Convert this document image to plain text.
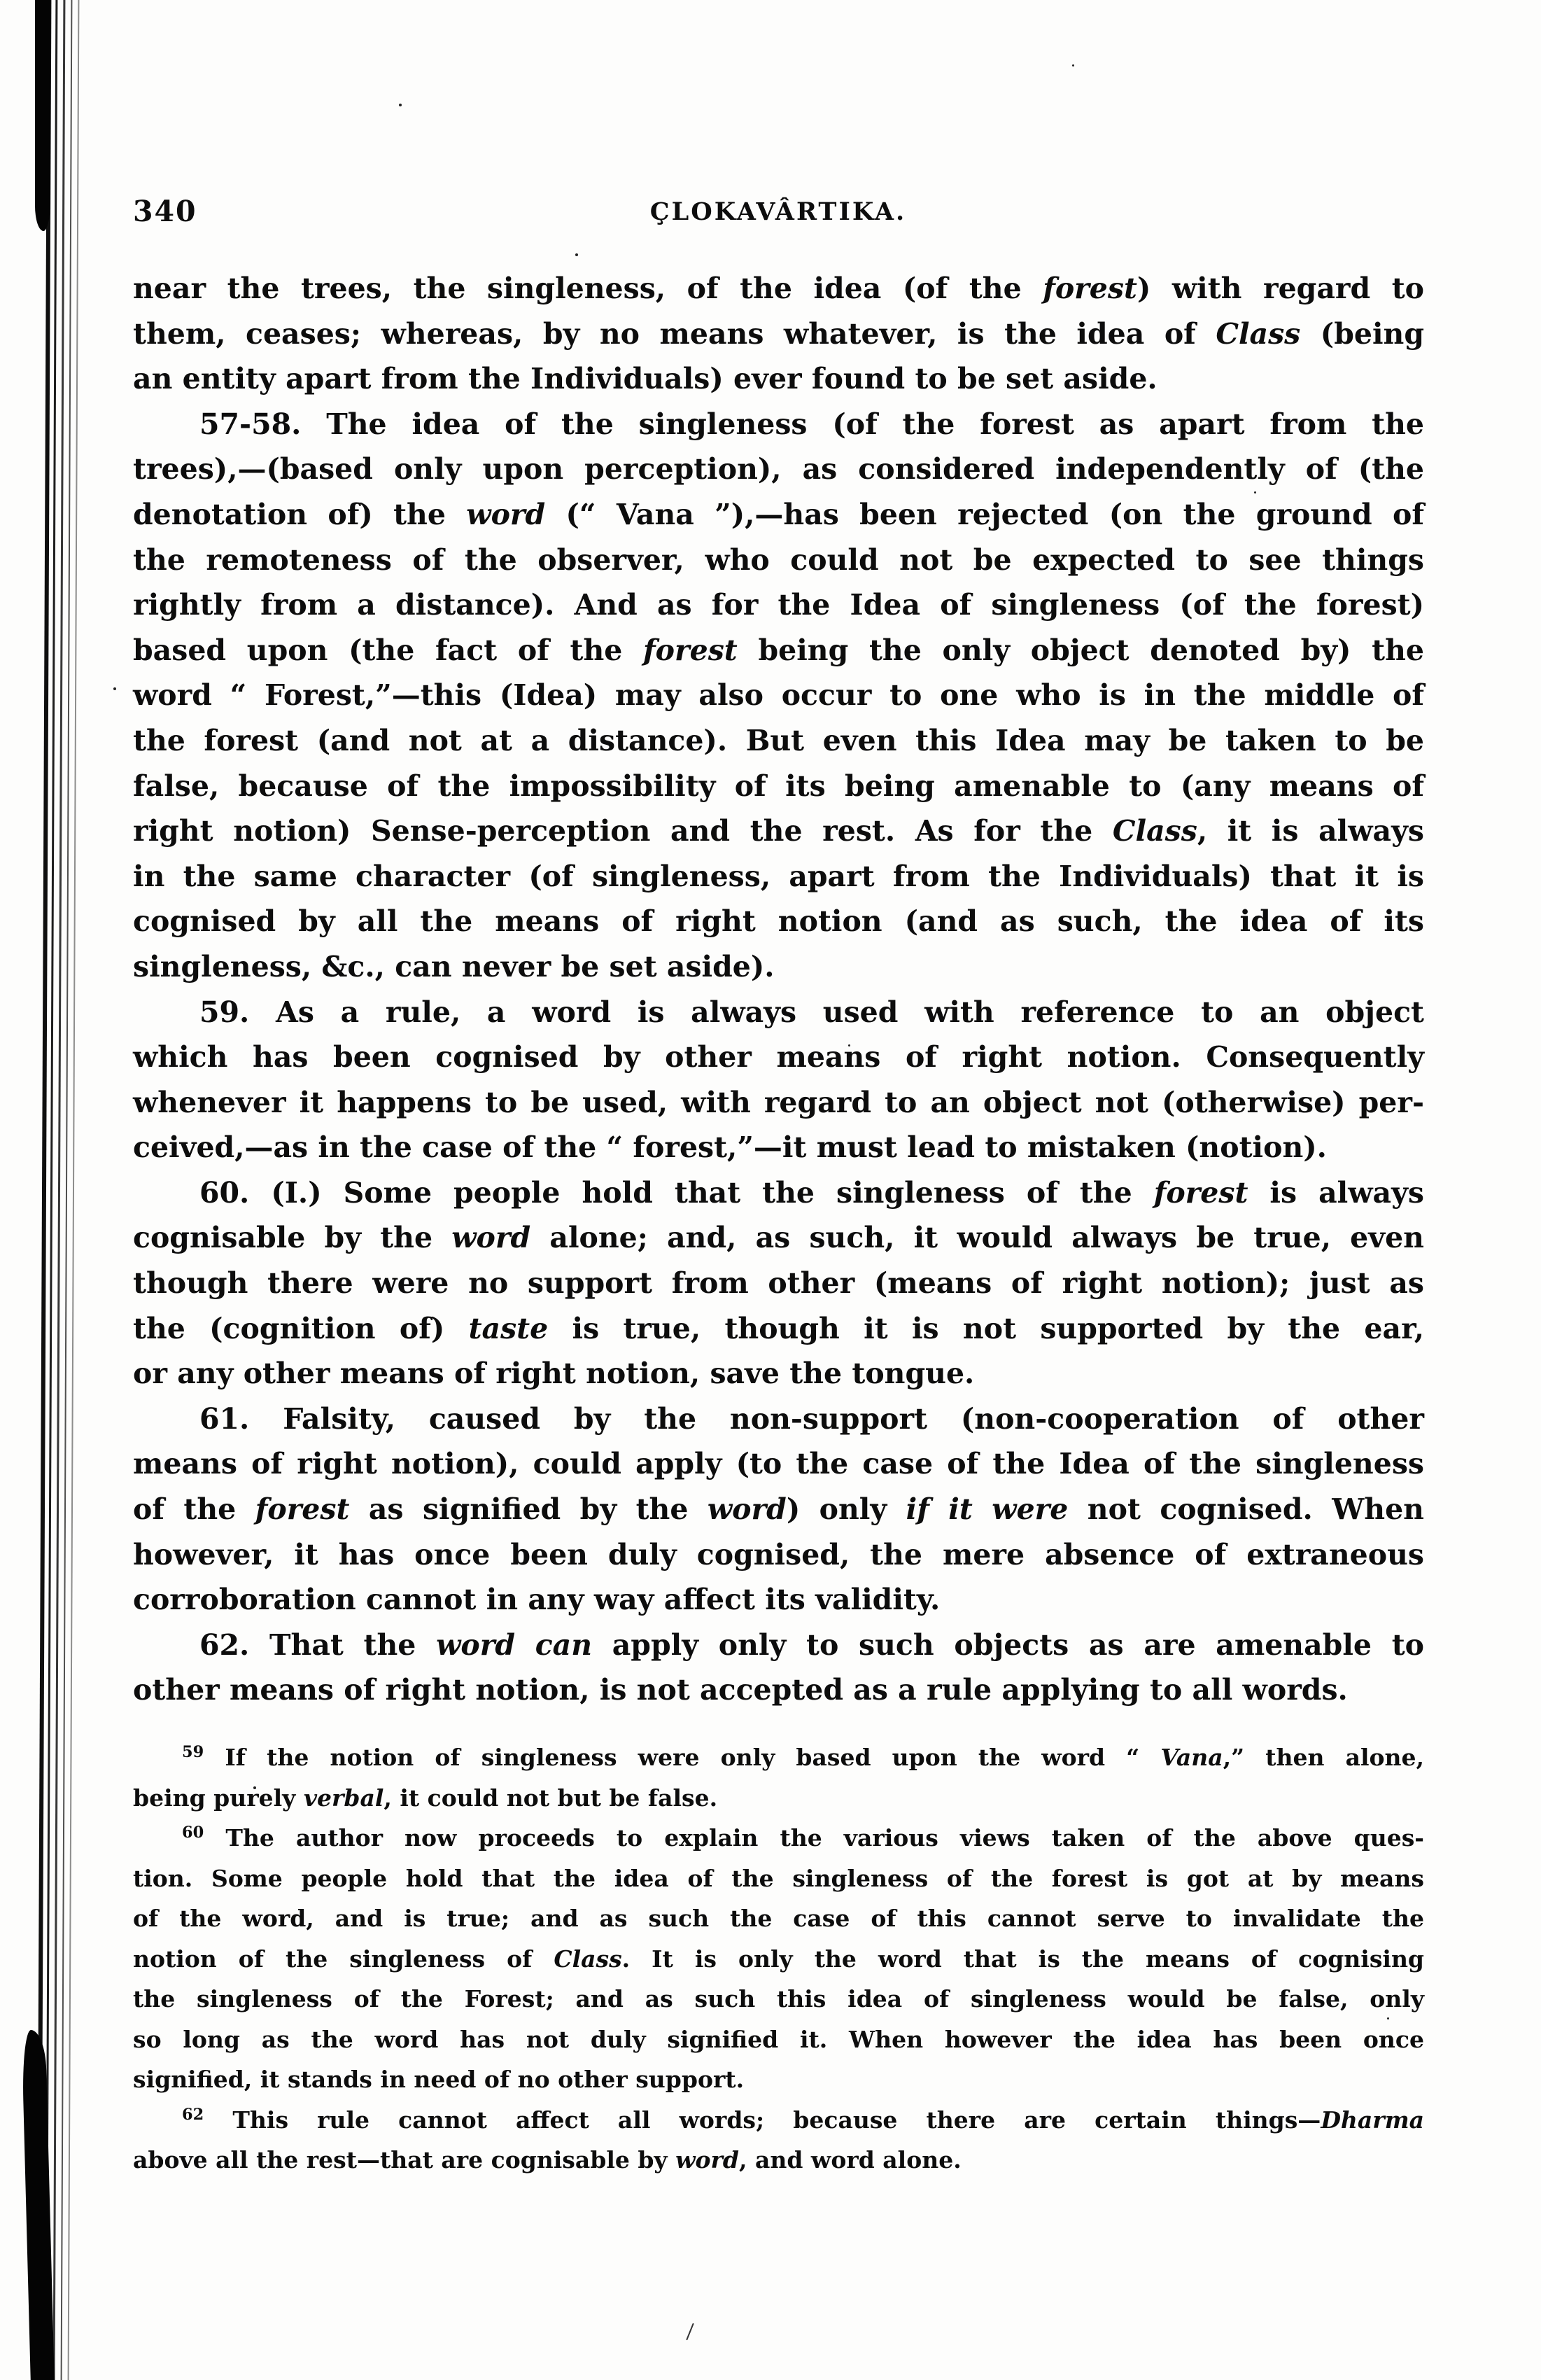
340	ÇLOKAVÂRTIKA.
near the trees, the singleness, of the idea (of the forest) with regard to
them, ceases; whereas, by no means whatever, is the idea of Class (being
an entity apart from the Individuals) ever found to be set aside.
57-58. The idea of the singleness (of the forest as apart from the
trees),—(based only upon perception), as considered independently of (the
denotation of) the word (“ Vana ”),—has been rejected (on the ground of
the remoteness of the observer, who could not be expected to see things
rightly from a distance). And as for the Idea of singleness (of the forest)
based upon (the fact of the forest being the only object denoted by) the
word “ Forest,”—this (Idea) may also occur to one who is in the middle of
the forest (and not at a distance). But even this Idea may be taken to be
false, because of the impossibility of its being amenable to (any means of
right notion) Sense-perception and the rest. As for the Class, it is always
in the same character (of singleness, apart from the Individuals) that it is
cognised by all the means of right notion (and as such, the idea of its
singleness, &c., can never be set aside).
59. As a rule, a word is always used with reference to an object
which has been cognised by other means of right notion. Consequently
whenever it happens to be used, with regard to an object not (otherwise) per-
ceived,—as in the case of the “ forest,”—it must lead to mistaken (notion).
60. (I.) Some people hold that the singleness of the forest is always
cognisable by the word alone; and, as such, it would always be true, even
though there were no support from other (means of right notion); just as
the (cognition of) taste is true, though it is not supported by the ear,
or any other means of right notion, save the tongue.
61. Falsity, caused by the non-support (non-cooperation of other
means of right notion), could apply (to the case of the Idea of the singleness
of the forest as signified by the word) only if it were not cognised. When
however, it has once been duly cognised, the mere absence of extraneous
corroboration cannot in any way affect its validity.
62. That the word can apply only to such objects as are amenable to
other means of right notion, is not accepted as a rule applying to all words.
$^{59}$ If the notion of singleness were only based upon the word “ Vana,” then alone,
being purely verbal, it could not but be false.
$^{60}$ The author now proceeds to explain the various views taken of the above ques-
tion. Some people hold that the idea of the singleness of the forest is got at by means
of the word, and is true; and as such the case of this cannot serve to invalidate the
notion of the singleness of Class. It is only the word that is the means of cognising
the singleness of the Forest; and as such this idea of singleness would be false, only
so long as the word has not duly signified it. When however the idea has been once
signified, it stands in need of no other support.
$^{62}$ This rule cannot affect all words; because there are certain things—Dharma
above all the rest—that are cognisable by word, and word alone.
